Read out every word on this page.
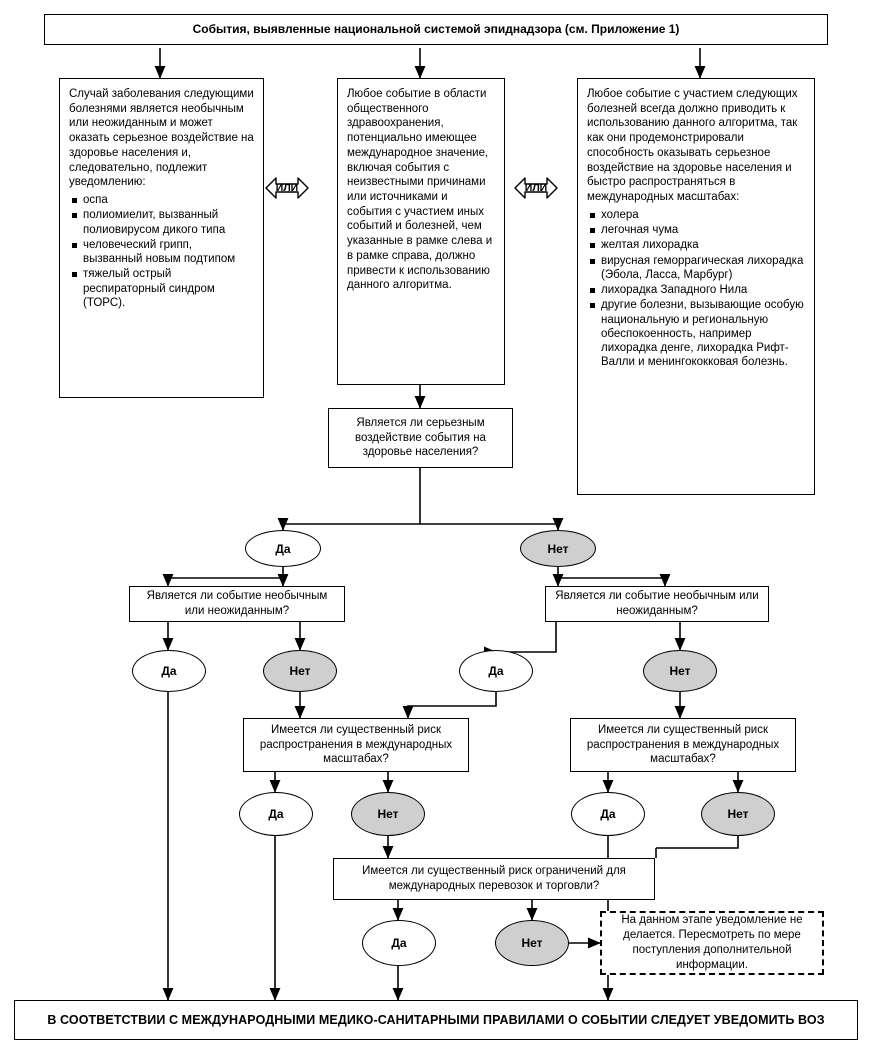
События, выявленные национальной системой эпиднадзора (см. Приложение 1)
Случай заболевания следующими болезнями является необычным или неожиданным и может оказать серьезное воздействие на здоровье населения и, следовательно, подлежит уведомлению:
оспа
полиомиелит, вызванный полиовирусом дикого типа
человеческий грипп, вызванный новым подтипом
тяжелый острый респираторный синдром (ТОРС).
ИЛИ
Любое событие в области общественного здравоохранения, потенциально имеющее международное значение, включая события с неизвестными причинами или источниками и события с участием иных событий и болезней, чем указанные в рамке слева и в рамке справа, должно привести к использованию данного алгоритма.
ИЛИ
Любое событие с участием следующих болезней всегда должно приводить к использованию данного алгоритма, так как они продемонстрировали способность оказывать серьезное воздействие на здоровье населения и быстро распространяться в международных масштабах:
холера
легочная чума
желтая лихорадка
вирусная геморрагическая лихорадка (Эбола, Ласса, Марбург)
лихорадка Западного Нила
другие болезни, вызывающие особую национальную и региональную обеспокоенность, например лихорадка денге, лихорадка Рифт-Валли и менингококковая болезнь.
Является ли серьезным воздействие события на здоровье населения?
Да	Нет
Является ли событие необычным или неожиданным?
Является ли событие необычным или неожиданным?
Да	Нет	Да	Нет
Имеется ли существенный риск распространения в международных масштабах?
Имеется ли существенный риск распространения в международных масштабах?
Да	Нет	Да	Нет
Имеется ли существенный риск ограничений для международных перевозок и торговли?
Да	Нет
На данном этапе уведомление не делается. Пересмотреть по мере поступления дополнительной информации.
В СООТВЕТСТВИИ С МЕЖДУНАРОДНЫМИ МЕДИКО-САНИТАРНЫМИ ПРАВИЛАМИ О СОБЫТИИ СЛЕДУЕТ УВЕДОМИТЬ ВОЗ
